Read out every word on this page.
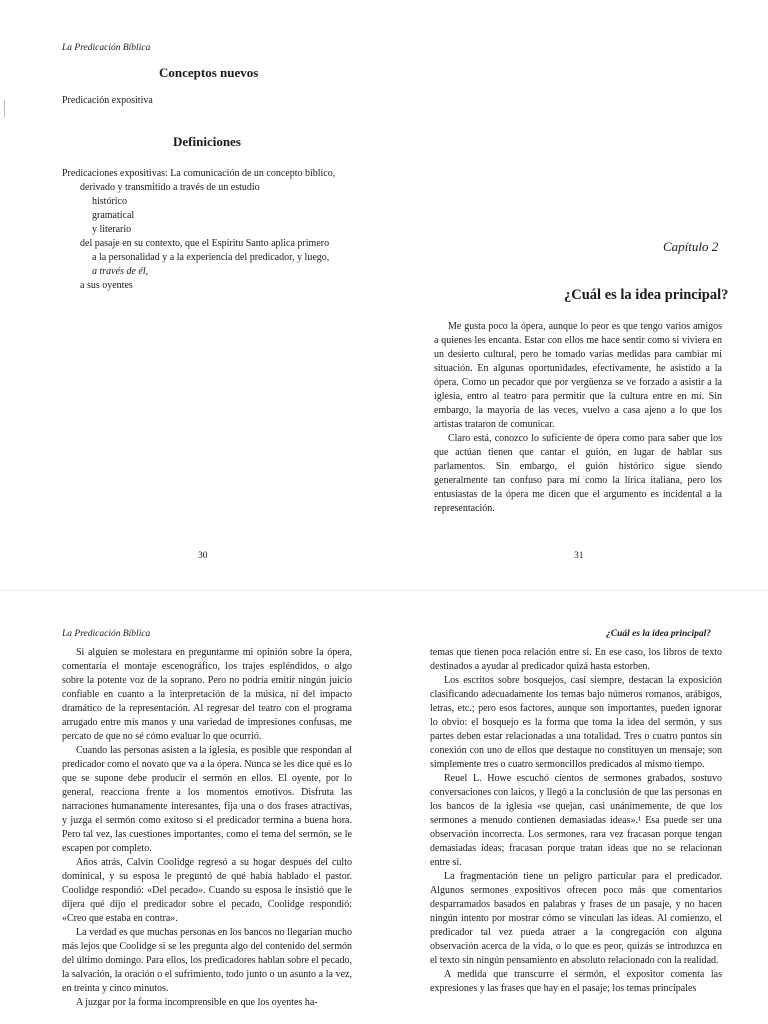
La Predicación Bíblica
Conceptos nuevos
Predicación expositiva
Definiciones
Predicaciones expositivas: La comunicación de un concepto bíblico,
derivado y transmitido a través de un estudio
histórico
gramatical
y literario
del pasaje en su contexto, que el Espíritu Santo aplica primero
a la personalidad y a la experiencia del predicador, y luego,
a través de él,
a sus oyentes
30
Capítulo 2
¿Cuál es la idea principal?

Me gusta poco la ópera, aunque lo peor es que tengo varios amigos a quienes les encanta. Estar con ellos me hace sentir como si viviera en un desierto cultural, pero he tomado varias medidas para cambiar mi situación. En algunas oportunidades, efectivamente, he asistido a la ópera. Como un pecador que por vergüenza se ve forzado a asistir a la iglesia, entro al teatro para permitir que la cultura entre en mí. Sin embargo, la mayoría de las veces, vuelvo a casa ajeno a lo que los artistas trataron de comunicar.

Claro está, conozco lo suficiente de ópera como para saber que los que actúan tienen que cantar el guión, en lugar de hablar sus parlamentos. Sin embargo, el guión histórico sigue siendo generalmente tan confuso para mí como la lírica italiana, pero los entusiastas de la ópera me dicen que el argumento es incidental a la representación.

31
La Predicación Bíblica

Si alguien se molestara en preguntarme mi opinión sobre la ópera, comentaría el montaje escenográfico, los trajes espléndidos, o algo sobre la potente voz de la soprano. Pero no podría emitir ningún juicio confiable en cuanto a la interpretación de la música, ni del impacto dramático de la representación. Al regresar del teatro con el programa arrugado entre mis manos y una variedad de impresiones confusas, me percato de que no sé cómo evaluar lo que ocurrió.

Cuando las personas asisten a la iglesia, es posible que respondan al predicador como el novato que va a la ópera. Nunca se les dice qué es lo que se supone debe producir el sermón en ellos. El oyente, por lo general, reacciona frente a los momentos emotivos. Disfruta las narraciones humanamente interesantes, fija una o dos frases atractivas, y juzga el sermón como exitoso si el predicador termina a buena hora. Pero tal vez, las cuestiones importantes, como el tema del sermón, se le escapen por completo.

Años atrás, Calvin Coolidge regresó a su hogar después del culto dominical, y su esposa le preguntó de qué había hablado el pastor. Coolidge respondió: «Del pecado». Cuando su esposa le insistió que le dijera qué dijo el predicador sobre el pecado, Coolidge respondió: «Creo que estaba en contra».

La verdad es que muchas personas en los bancos no llegarían mucho más lejos que Coolidge si se les pregunta algo del contenido del sermón del último domingo. Para ellos, los predicadores hablan sobre el pecado, la salvación, la oración o el sufrimiento, todo junto o un asunto a la vez, en treinta y cinco minutos.

A juzgar por la forma incomprensible en que los oyentes ha-

¿Cuál es la idea principal?

temas que tienen poca relación entre sí. En ese caso, los libros de texto destinados a ayudar al predicador quizá hasta estorben.

Los escritos sobre bosquejos, casi siempre, destacan la exposición clasificando adecuadamente los temas bajo números romanos, arábigos, letras, etc.; pero esos factores, aunque son importantes, pueden ignorar lo obvio: el bosquejo es la forma que toma la idea del sermón, y sus partes deben estar relacionadas a una totalidad. Tres o cuatro puntos sin conexión con uno de ellos que destaque no constituyen un mensaje; son simplemente tres o cuatro sermoncillos predicados al mismo tiempo.

Reuel L. Howe escuchó cientos de sermones grabados, sostuvo conversaciones con laicos, y llegó a la conclusión de que las personas en los bancos de la iglesia «se quejan, casi unánimemente, de que los sermones a menudo contienen demasiadas ideas».¹ Esa puede ser una observación incorrecta. Los sermones, rara vez fracasan porque tengan demasiadas ideas; fracasan porque tratan ideas que no se relacionan entre sí.

La fragmentación tiene un peligro particular para el predicador. Algunos sermones expositivos ofrecen poco más que comentarios desparramados basados en palabras y frases de un pasaje, y no hacen ningún intento por mostrar cómo se vinculan las ideas. Al comienzo, el predicador tal vez pueda atraer a la congregación con alguna observación acerca de la vida, o lo que es peor, quizás se introduzca en el texto sin ningún pensamiento en absoluto relacionado con la realidad.

A medida que transcurre el sermón, el expositor comenta las expresiones y las frases que hay en el pasaje; los temas principales
